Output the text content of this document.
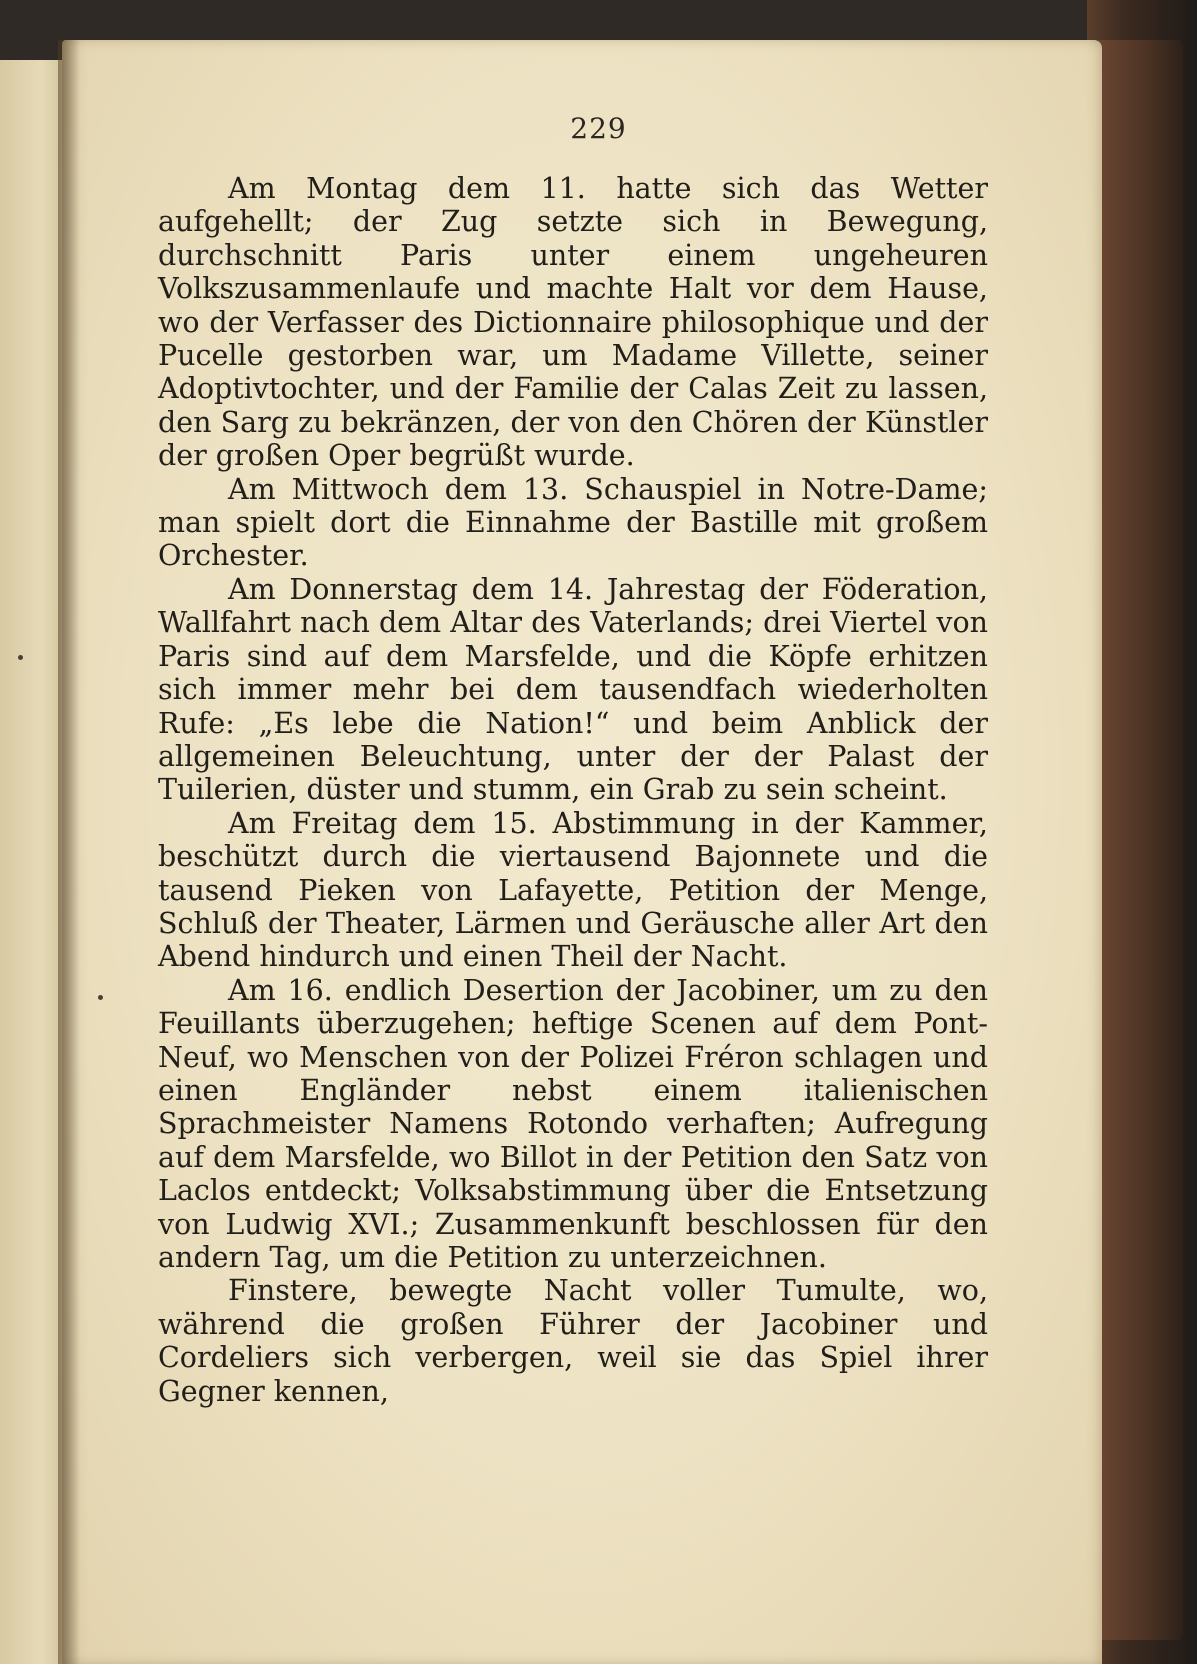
229

Am Montag dem 11. hatte sich das Wetter aufgehellt; der Zug setzte sich in Bewegung, durchschnitt Paris unter einem ungeheuren Volkszusammenlaufe und machte Halt vor dem Hause, wo der Verfasser des Dictionnaire philosophique und der Pucelle gestorben war, um Madame Villette, seiner Adoptivtochter, und der Familie der Calas Zeit zu lassen, den Sarg zu bekränzen, der von den Chören der Künstler der großen Oper begrüßt wurde.

Am Mittwoch dem 13. Schauspiel in Notre-Dame; man spielt dort die Einnahme der Bastille mit großem Orchester.

Am Donnerstag dem 14. Jahrestag der Föderation, Wallfahrt nach dem Altar des Vaterlands; drei Viertel von Paris sind auf dem Marsfelde, und die Köpfe erhitzen sich immer mehr bei dem tausendfach wiederholten Rufe: „Es lebe die Nation!“ und beim Anblick der allgemeinen Beleuchtung, unter der der Palast der Tuilerien, düster und stumm, ein Grab zu sein scheint.

Am Freitag dem 15. Abstimmung in der Kammer, beschützt durch die viertausend Bajonnete und die tausend Pieken von Lafayette, Petition der Menge, Schluß der Theater, Lärmen und Geräusche aller Art den Abend hindurch und einen Theil der Nacht.

Am 16. endlich Desertion der Jacobiner, um zu den Feuillants überzugehen; heftige Scenen auf dem Pont-Neuf, wo Menschen von der Polizei Fréron schlagen und einen Engländer nebst einem italienischen Sprachmeister Namens Rotondo verhaften; Aufregung auf dem Marsfelde, wo Billot in der Petition den Satz von Laclos entdeckt; Volksabstimmung über die Entsetzung von Ludwig XVI.; Zusammenkunft beschlossen für den andern Tag, um die Petition zu unterzeichnen.

Finstere, bewegte Nacht voller Tumulte, wo, während die großen Führer der Jacobiner und Cordeliers sich verbergen, weil sie das Spiel ihrer Gegner kennen,
